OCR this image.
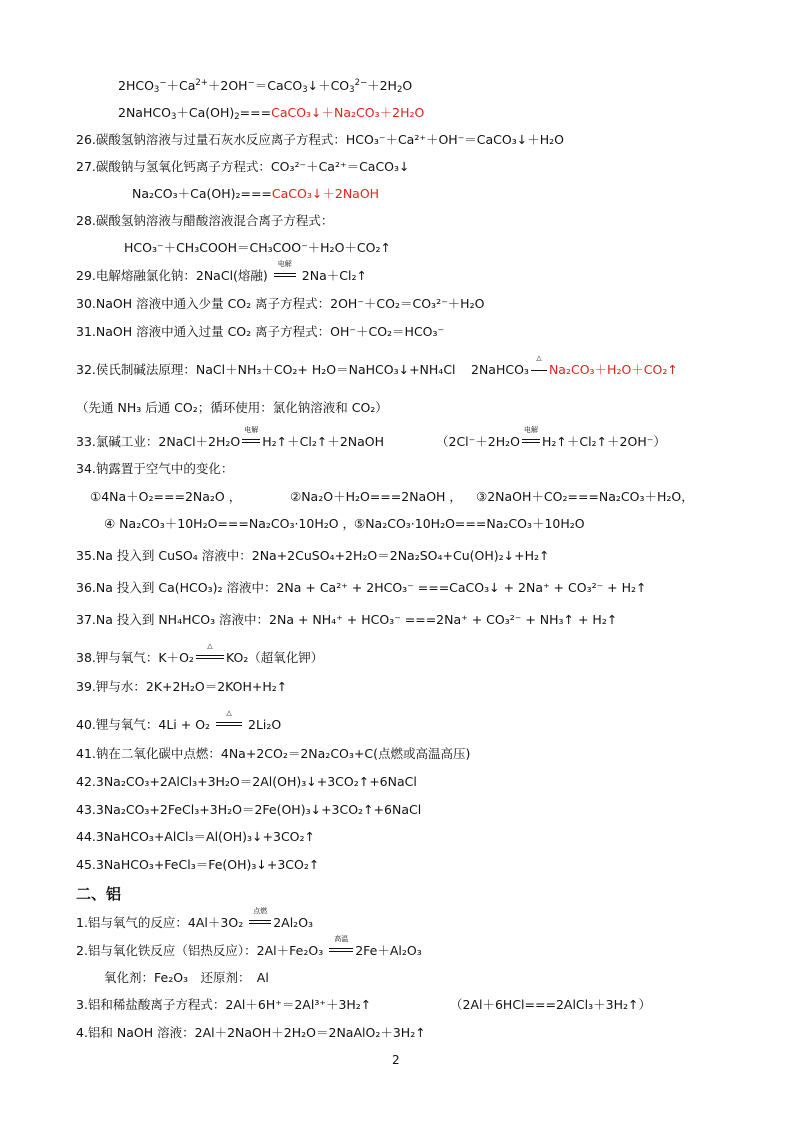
$2HCO_3^-+Ca^{2+}+2OH^-=CaCO_3↓+CO_3^{2-}+2H_2O$
$2NaHCO_3+Ca(OH)_2===CaCO_3↓+Na_2CO_3+2H_2O$
26.碳酸氢钠溶液与过量石灰水反应离子方程式：HCO₃⁻＋Ca²⁺＋OH⁻＝CaCO₃↓＋H₂O
27.碳酸钠与氢氧化钙离子方程式：CO₃²⁻＋Ca²⁺＝CaCO₃↓
Na₂CO₃＋Ca(OH)₂===CaCO₃↓＋2NaOH
28.碳酸氢钠溶液与醋酸溶液混合离子方程式：
HCO₃⁻＋CH₃COOH＝CH₃COO⁻＋H₂O＋CO₂↑
29.电解熔融氯化钠：2NaCl(熔融)
电解
2Na＋Cl₂↑
30.NaOH 溶液中通入少量 CO₂ 离子方程式：2OH⁻＋CO₂＝CO₃²⁻＋H₂O
31.NaOH 溶液中通入过量 CO₂ 离子方程式：OH⁻＋CO₂＝HCO₃⁻
32.侯氏制碱法原理：NaCl＋NH₃＋CO₂+ H₂O＝NaHCO₃↓+NH₄Cl 2NaHCO₃
△
Na₂CO₃＋H₂O＋CO₂↑
（先通 NH₃ 后通 CO₂；循环使用：氯化钠溶液和 CO₂）
33.氯碱工业：2NaCl＋2H₂O
电解
H₂↑＋Cl₂↑＋2NaOH	（2Cl⁻＋2H₂O
电解
H₂↑＋Cl₂↑＋2OH⁻）
34.钠露置于空气中的变化：
①4Na＋O₂===2Na₂O ，	②Na₂O＋H₂O===2NaOH ， ③2NaOH＋CO₂===Na₂CO₃＋H₂O，
④ Na₂CO₃＋10H₂O===Na₂CO₃·10H₂O ，
⑤Na₂CO₃·10H₂O===Na₂CO₃＋10H₂O
35.Na 投入到 CuSO₄ 溶液中：2Na+2CuSO₄+2H₂O＝2Na₂SO₄+Cu(OH)₂↓+H₂↑
36.Na 投入到 Ca(HCO₃)₂ 溶液中：2Na + Ca²⁺ + 2HCO₃⁻ ===CaCO₃↓ + 2Na⁺ + CO₃²⁻ + H₂↑
37.Na 投入到 NH₄HCO₃ 溶液中：2Na + NH₄⁺ + HCO₃⁻ ===2Na⁺ + CO₃²⁻ + NH₃↑ + H₂↑
38.钾与氧气：K＋O₂
△
KO₂（超氧化钾）
39.钾与水：2K+2H₂O＝2KOH+H₂↑
40.锂与氧气：4Li + O₂
△
2Li₂O
41.钠在二氧化碳中点燃：4Na+2CO₂＝2Na₂CO₃+C(点燃或高温高压)
42.3Na₂CO₃+2AlCl₃+3H₂O＝2Al(OH)₃↓+3CO₂↑+6NaCl
43.3Na₂CO₃+2FeCl₃+3H₂O＝2Fe(OH)₃↓+3CO₂↑+6NaCl
44.3NaHCO₃+AlCl₃＝Al(OH)₃↓+3CO₂↑
45.3NaHCO₃+FeCl₃＝Fe(OH)₃↓+3CO₂↑
二、铝
1.铝与氧气的反应：4Al＋3O₂
点燃
2Al₂O₃
2.铝与氧化铁反应（铝热反应）：2Al＋Fe₂O₃
高温
2Fe＋Al₂O₃
氧化剂：Fe₂O₃　还原剂：　Al
3.铝和稀盐酸离子方程式：2Al＋6H⁺＝2Al³⁺＋3H₂↑	（2Al＋6HCl===2AlCl₃＋3H₂↑）
4.铝和 NaOH 溶液：2Al＋2NaOH＋2H₂O＝2NaAlO₂＋3H₂↑
2
